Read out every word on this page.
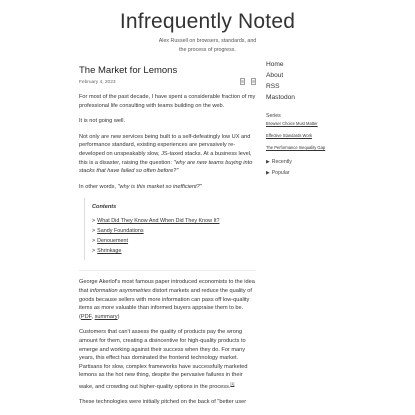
Infrequently Noted
Alex Russell on browsers, standards, and
the process of progress.
The Market for Lemons
February 4, 2023

For most of the past decade, I have spent a considerable fraction of my professional life consulting with teams building on the web.

It is not going well.

Not only are new services being built to a self-defeatingly low UX and performance standard, existing experiences are pervasively re-developed on unspeakably slow, JS-taxed stacks. At a business level, this is a disaster, raising the question: "why are new teams buying into stacks that have failed so often before?"

In other words, "why is this market so inefficient?"

Contents
> What Did They Know And When Did They Know It?
> Sandy Foundations
> Denouement
> Shrinkage

George Akerlof's most famous paper introduced economists to the idea that information asymmetries distort markets and reduce the quality of goods because sellers with more information can pass off low-quality items as more valuable than informed buyers appraise them to be. (PDF, summary)

Customers that can't assess the quality of products pay the wrong amount for them, creating a disincentive for high-quality products to emerge and working against their success when they do. For many years, this effect has dominated the frontend technology market. Partisans for slow, complex frameworks have successfully marketed lemons as the hot new thing, despite the pervasive failures in their wake, and crowding out higher-quality options in the process.[1]

These technologies were initially pitched on the back of "better user

Home
About
RSS
Mastodon
Series
Browser Choice Must Matter
Effective Standards Work
The Performance Inequality Gap
▶ Recently
▶ Popular
